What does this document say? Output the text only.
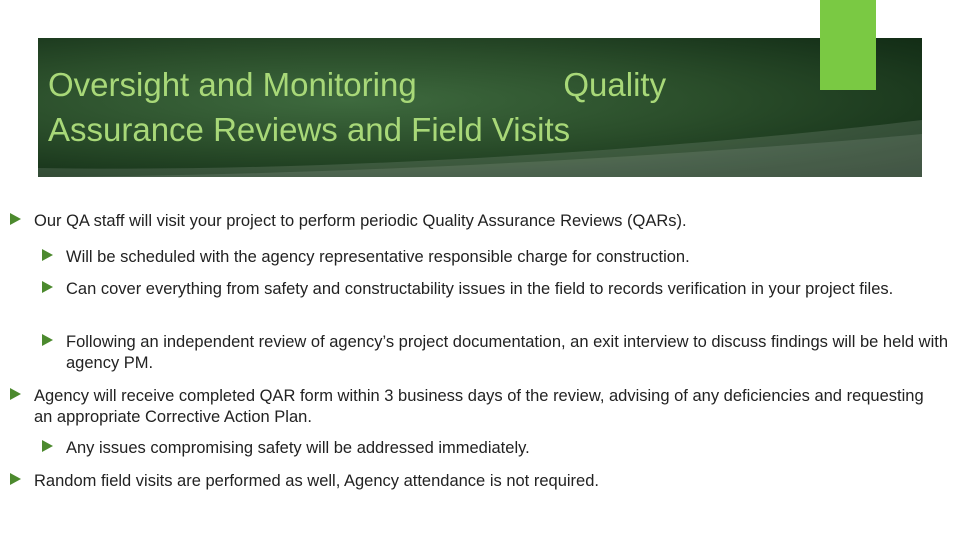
Oversight and Monitoring                Quality
Assurance Reviews and Field Visits
Our QA staff will visit your project to perform periodic Quality Assurance Reviews (QARs).
Will be scheduled with the agency representative responsible charge for construction.
Can cover everything from safety and constructability issues in the field to records verification in your project files.
Following an independent review of agency’s project documentation, an exit interview to discuss findings will be held with agency PM.
Agency will receive completed QAR form within 3 business days of the review, advising of any deficiencies and requesting an appropriate Corrective Action Plan.
Any issues compromising safety will be addressed immediately.
Random field visits are performed as well, Agency attendance is not required.
